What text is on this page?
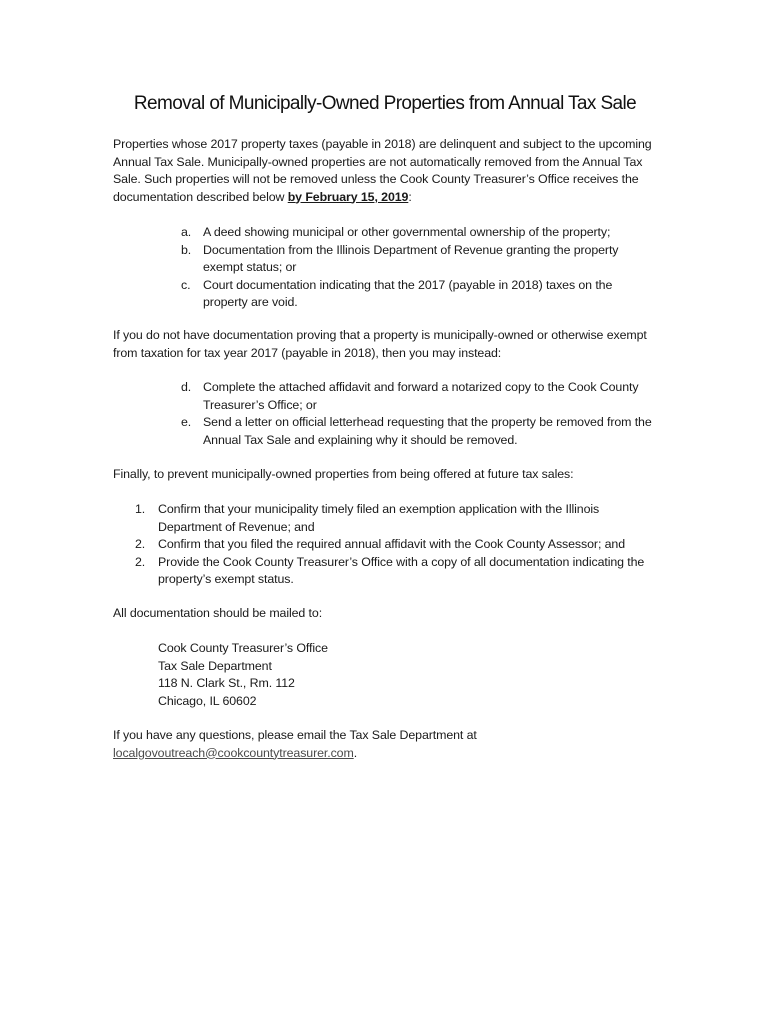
Removal of Municipally-Owned Properties from Annual Tax Sale

Properties whose 2017 property taxes (payable in 2018) are delinquent and subject to the upcoming Annual Tax Sale. Municipally-owned properties are not automatically removed from the Annual Tax Sale. Such properties will not be removed unless the Cook County Treasurer’s Office receives the documentation described below by February 15, 2019:

a. A deed showing municipal or other governmental ownership of the property;
b. Documentation from the Illinois Department of Revenue granting the property exempt status; or
c. Court documentation indicating that the 2017 (payable in 2018) taxes on the property are void.

If you do not have documentation proving that a property is municipally-owned or otherwise exempt from taxation for tax year 2017 (payable in 2018), then you may instead:

d. Complete the attached affidavit and forward a notarized copy to the Cook County Treasurer’s Office; or
e. Send a letter on official letterhead requesting that the property be removed from the Annual Tax Sale and explaining why it should be removed.

Finally, to prevent municipally-owned properties from being offered at future tax sales:

1. Confirm that your municipality timely filed an exemption application with the Illinois Department of Revenue; and
2. Confirm that you filed the required annual affidavit with the Cook County Assessor; and
2. Provide the Cook County Treasurer’s Office with a copy of all documentation indicating the property’s exempt status.

All documentation should be mailed to:

Cook County Treasurer’s Office
Tax Sale Department
118 N. Clark St., Rm. 112
Chicago, IL 60602
If you have any questions, please email the Tax Sale Department at
localgovoutreach@cookcountytreasurer.com.
